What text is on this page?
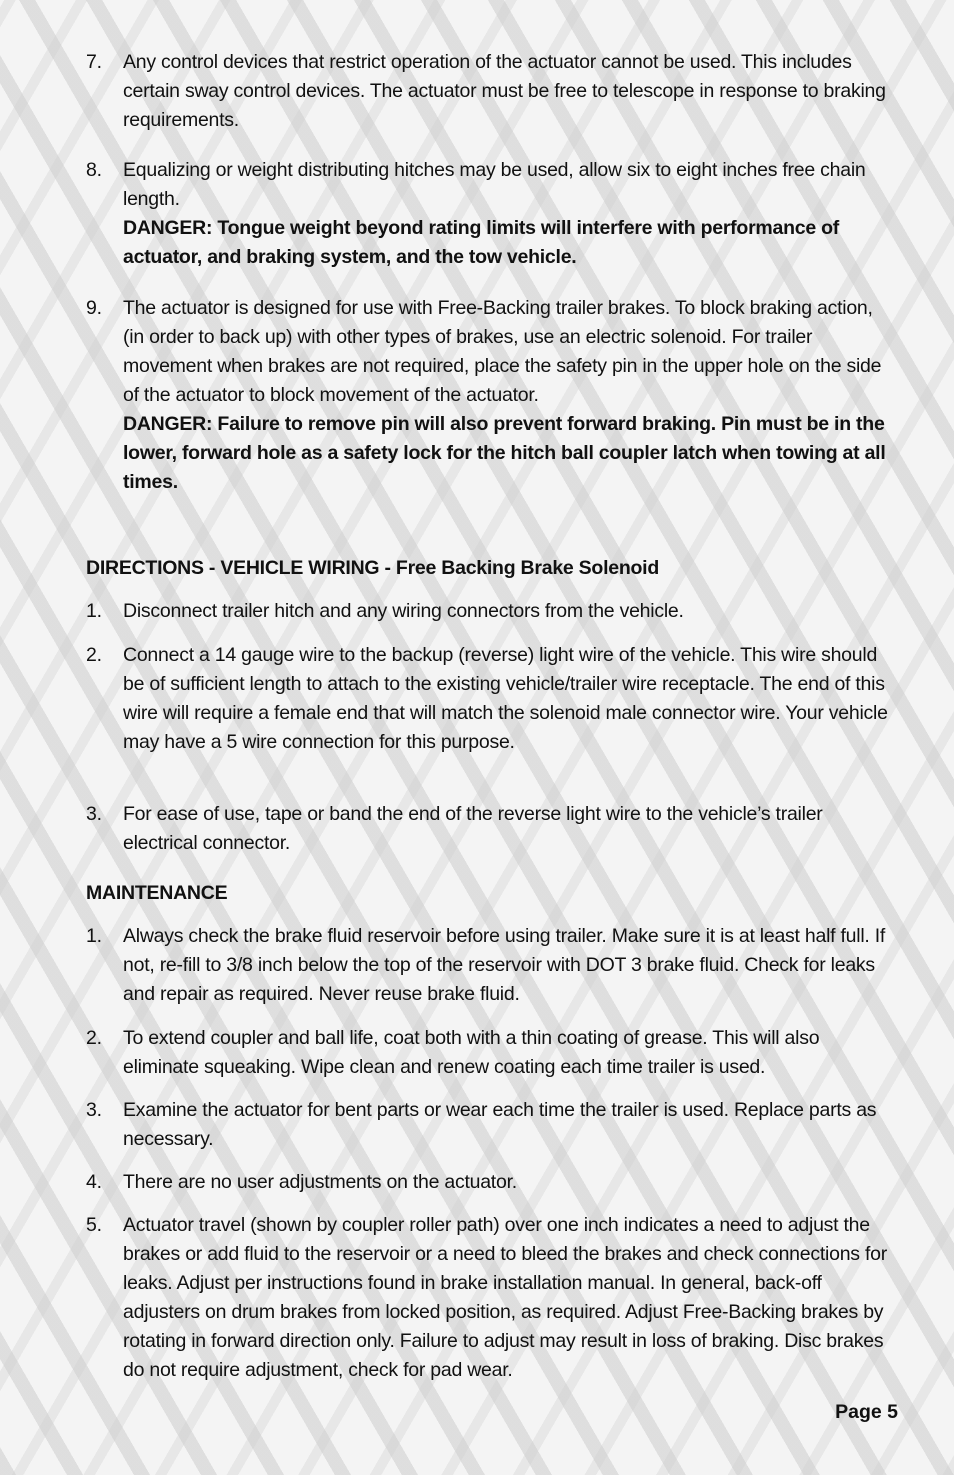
7.	Any control devices that restrict operation of the actuator cannot be used. This includes certain sway control devices. The actuator must be free to telescope in response to braking requirements.
8.	Equalizing or weight distributing hitches may be used, allow six to eight inches free chain length.
DANGER: Tongue weight beyond rating limits will interfere with performance of actuator, and braking system, and the tow vehicle.
9.	The actuator is designed for use with Free-Backing trailer brakes. To block braking action, (in order to back up) with other types of brakes, use an electric solenoid. For trailer movement when brakes are not required, place the safety pin in the upper hole on the side of the actuator to block movement of the actuator.
DANGER: Failure to remove pin will also prevent forward braking. Pin must be in the lower, forward hole as a safety lock for the hitch ball coupler latch when towing at all times.
DIRECTIONS - VEHICLE WIRING - Free Backing Brake Solenoid
1.	Disconnect trailer hitch and any wiring connectors from the vehicle.
2.	Connect a 14 gauge wire to the backup (reverse) light wire of the vehicle. This wire should be of sufficient length to attach to the existing vehicle/trailer wire receptacle. The end of this wire will require a female end that will match the solenoid male connector wire. Your vehicle may have a 5 wire connection for this purpose.
3.	For ease of use, tape or band the end of the reverse light wire to the vehicle’s trailer electrical connector.
MAINTENANCE
1.	Always check the brake fluid reservoir before using trailer. Make sure it is at least half full. If not, re-fill to 3/8 inch below the top of the reservoir with DOT 3 brake fluid. Check for leaks and repair as required. Never reuse brake fluid.
2.	To extend coupler and ball life, coat both with a thin coating of grease. This will also eliminate squeaking. Wipe clean and renew coating each time trailer is used.
3.	Examine the actuator for bent parts or wear each time the trailer is used. Replace parts as necessary.
4.	There are no user adjustments on the actuator.
5.	Actuator travel (shown by coupler roller path) over one inch indicates a need to adjust the brakes or add fluid to the reservoir or a need to bleed the brakes and check connections for leaks. Adjust per instructions found in brake installation manual. In general, back-off adjusters on drum brakes from locked position, as required. Adjust Free-Backing brakes by rotating in forward direction only. Failure to adjust may result in loss of braking. Disc brakes do not require adjustment, check for pad wear.
Page 5
